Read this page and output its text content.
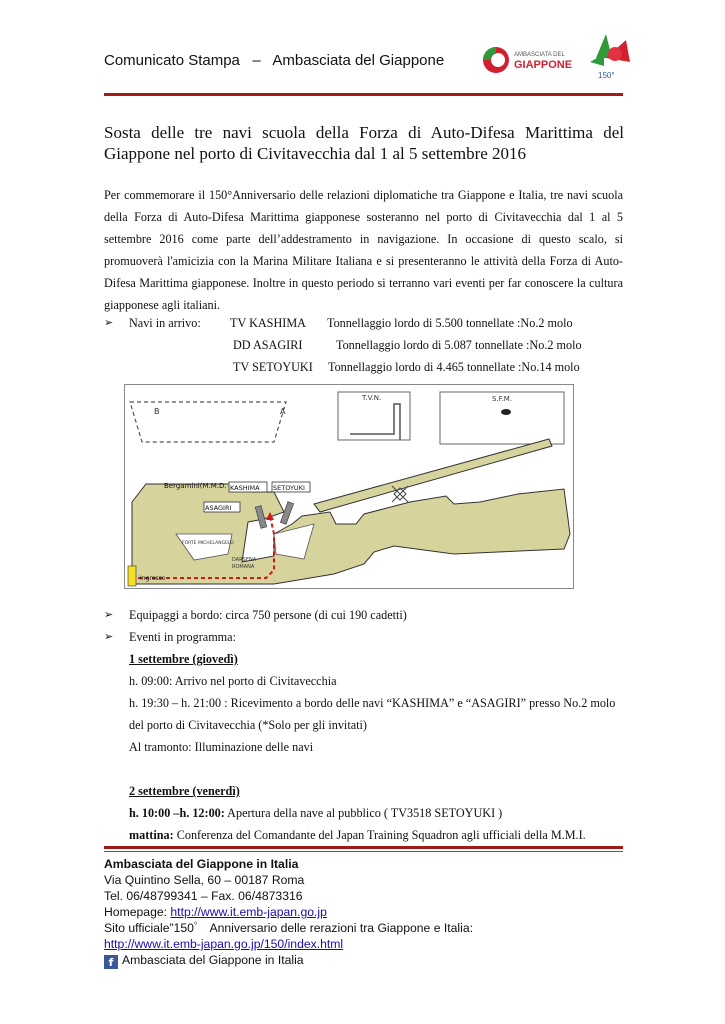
Comunicato Stampa   –   Ambasciata del Giappone	AMBASCIATA DEL
GIAPPONE
150°
Sosta delle tre navi scuola della Forza di Auto-Difesa Marittima del
Giappone nel porto di Civitavecchia dal 1 al 5 settembre 2016
Per commemorare il 150°Anniversario delle relazioni diplomatiche tra Giappone e Italia, tre navi scuola della Forza di Auto-Difesa Marittima giapponese sosteranno nel porto di Civitavecchia dal 1 al 5 settembre 2016 come parte dell’addestramento in navigazione. In occasione di questo scalo, si promuoverà l'amicizia con la Marina Militare Italiana e si presenteranno le attività della Forza di Auto-Difesa Marittima giapponese. Inoltre in questo periodo si terranno vari eventi per far conoscere la cultura giapponese agli italiani.
➢ Navi in arrivo: TV KASHIMA Tonnellaggio lordo di 5.500 tonnellate :No.2 molo
DD ASAGIRI	Tonnellaggio lordo di 5.087 tonnellate :No.2 molo
TV SETOYUKI Tonnellaggio lordo di 4.465 tonnellate :No.14 molo
B	A
T.V.N.	S.F.M.
Bergamini(M.M.D. KASHIMA SETOYUKI
ASAGIRI
Ingresso
FORTE MICHELANGELO
DARSENA
ROMANA
➢	Equipaggi a bordo: circa 750 persone (di cui 190 cadetti)
➢	Eventi in programma:
1 settembre (giovedì)
h. 09:00: Arrivo nel porto di Civitavecchia
h. 19:30 – h. 21:00 : Ricevimento a bordo delle navi “KASHIMA” e “ASAGIRI” presso No.2 molo del porto di Civitavecchia (*Solo per gli invitati)
Al tramonto: Illuminazione delle navi
2 settembre (venerdì)
h. 10:00 –h. 12:00: Apertura della nave al pubblico ( TV3518 SETOYUKI )
mattina: Conferenza del Comandante del Japan Training Squadron agli ufficiali della M.M.I.
Ambasciata del Giappone in Italia
Via Quintino Sella, 60 – 00187 Roma
Tel. 06/48799341 – Fax. 06/4873316
Homepage: http://www.it.emb-japan.go.jp
Sito ufficiale”150゜ Anniversario delle rerazioni tra Giappone e Italia:
http://www.it.emb-japan.go.jp/150/index.html
f Ambasciata del Giappone in Italia
